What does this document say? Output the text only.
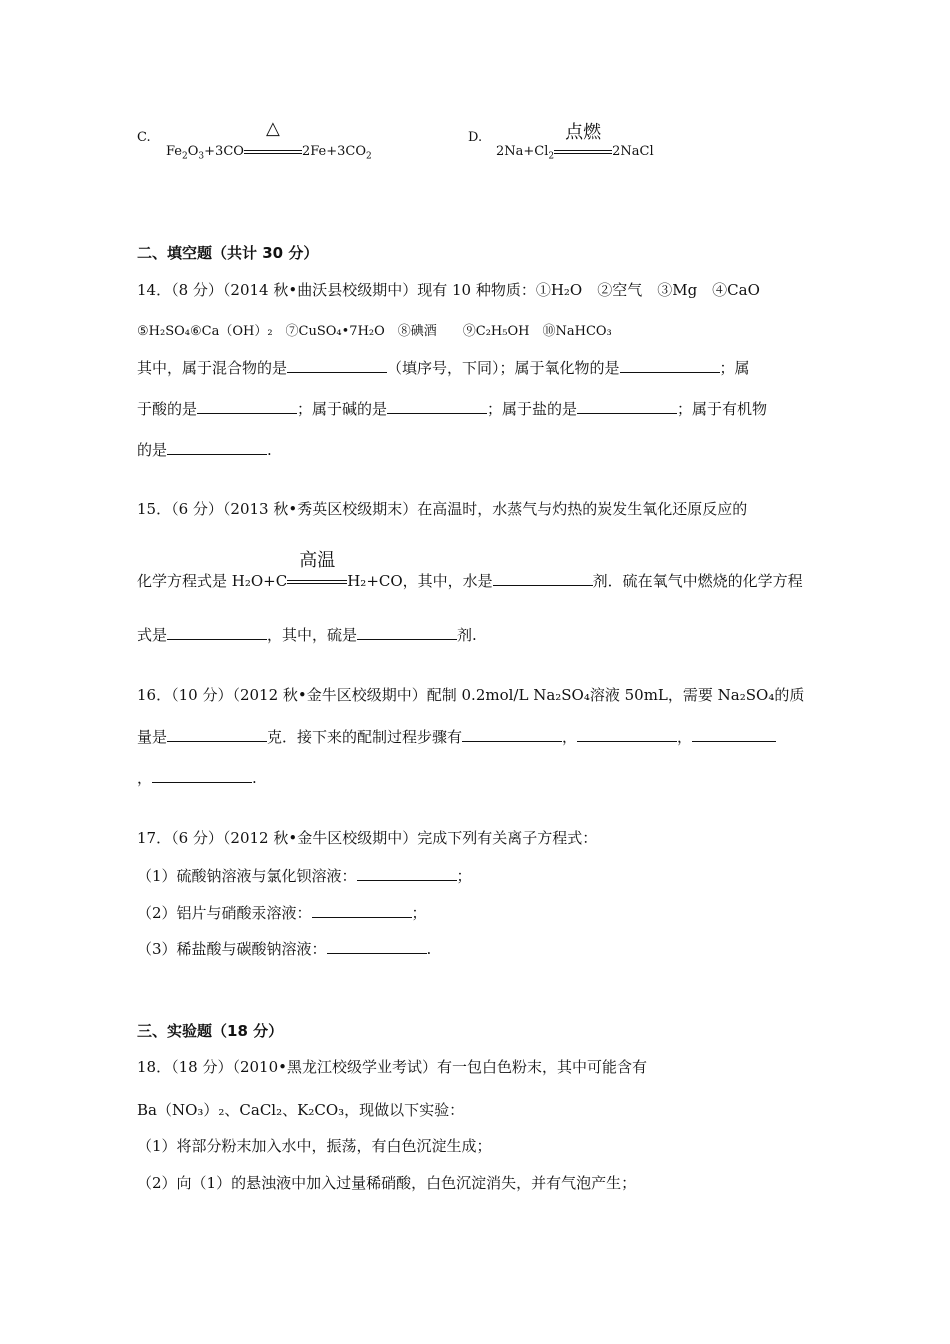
C.
$Fe_2O_3+3CO$
△
$2Fe+3CO_2$
D.
$2Na+Cl_2$
点燃
2NaCl
二、填空题（共计 30 分）
14．（8 分）（2014 秋•曲沃县校级期中）现有 10 种物质：①H₂O　②空气　③Mg　④CaO
⑤H₂SO₄⑥Ca（OH）₂　⑦CuSO₄•7H₂O　⑧碘酒　　⑨C₂H₅OH　⑩NaHCO₃
其中，属于混合物的是	（填序号，下同）；属于氧化物的是	；属
于酸的是	；属于碱的是	；属于盐的是	；属于有机物
的是	.
15．（6 分）（2013 秋•秀英区校级期末）在高温时，水蒸气与灼热的炭发生氧化还原反应的
化学方程式是 H₂O+C
高温
H₂+CO，其中，水是	剂．硫在氧气中燃烧的化学方程
式是	，其中，硫是	剂.
16．（10 分）（2012 秋•金牛区校级期中）配制 0.2mol/L Na₂SO₄溶液 50mL，需要 Na₂SO₄的质
量是	克．接下来的配制过程步骤有	，	，
，	.
17．（6 分）（2012 秋•金牛区校级期中）完成下列有关离子方程式：
（1）硫酸钠溶液与氯化钡溶液：	；
（2）铝片与硝酸汞溶液：	；
（3）稀盐酸与碳酸钠溶液：	.
三、实验题（18 分）
18．（18 分）（2010•黑龙江校级学业考试）有一包白色粉末，其中可能含有
Ba（NO₃）₂、CaCl₂、K₂CO₃，现做以下实验：
（1）将部分粉末加入水中，振荡，有白色沉淀生成；
（2）向（1）的悬浊液中加入过量稀硝酸，白色沉淀消失，并有气泡产生；
